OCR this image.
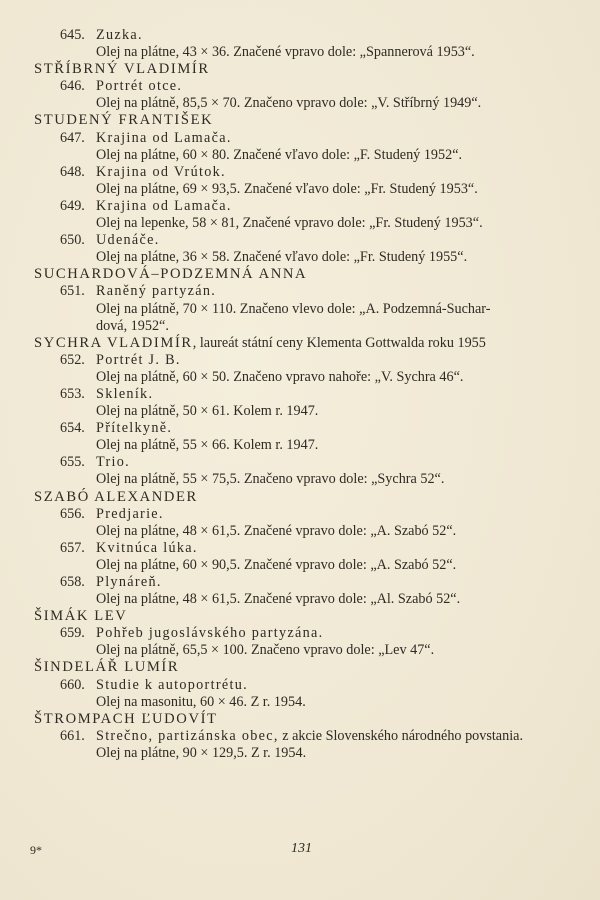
645. Zuzka.
Olej na plátne, 43 × 36. Značené vpravo dole: „Spannerová 1953“.
STŘÍBRNÝ VLADIMÍR
646. Portrét otce.
Olej na plátně, 85,5 × 70. Značeno vpravo dole: „V. Stříbrný 1949“.
STUDENÝ FRANTIŠEK
647. Krajina od Lamača.
Olej na plátne, 60 × 80. Značené vľavo dole: „F. Studený 1952“.
648. Krajina od Vrútok.
Olej na plátne, 69 × 93,5. Značené vľavo dole: „Fr. Studený 1953“.
649. Krajina od Lamača.
Olej na lepenke, 58 × 81, Značené vpravo dole: „Fr. Studený 1953“.
650. Udenáče.
Olej na plátne, 36 × 58. Značené vľavo dole: „Fr. Studený 1955“.
SUCHARDOVÁ–PODZEMNÁ ANNA
651. Raněný partyzán.
Olej na plátně, 70 × 110. Značeno vlevo dole: „A. Podzemná-Suchar-
dová, 1952“.
SYCHRA VLADIMÍR, laureát státní ceny Klementa Gottwalda roku 1955
652. Portrét J. B.
Olej na plátně, 60 × 50. Značeno vpravo nahoře: „V. Sychra 46“.
653. Skleník.
Olej na plátně, 50 × 61. Kolem r. 1947.
654. Přítelkyně.
Olej na plátně, 55 × 66. Kolem r. 1947.
655. Trio.
Olej na plátně, 55 × 75,5. Značeno vpravo dole: „Sychra 52“.
SZABÓ ALEXANDER
656. Predjarie.
Olej na plátne, 48 × 61,5. Značené vpravo dole: „A. Szabó 52“.
657. Kvitnúca lúka.
Olej na plátne, 60 × 90,5. Značené vpravo dole: „A. Szabó 52“.
658. Plynáreň.
Olej na plátne, 48 × 61,5. Značené vpravo dole: „Al. Szabó 52“.
ŠIMÁK LEV
659. Pohřeb jugoslávského partyzána.
Olej na plátně, 65,5 × 100. Značeno vpravo dole: „Lev 47“.
ŠINDELÁŘ LUMÍR
660. Studie k autoportrétu.
Olej na masonitu, 60 × 46. Z r. 1954.
ŠTROMPACH ĽUDOVÍT
661. Strečno, partizánska obec, z akcie Slovenského národného povstania.
Olej na plátne, 90 × 129,5. Z r. 1954.
9*	131
